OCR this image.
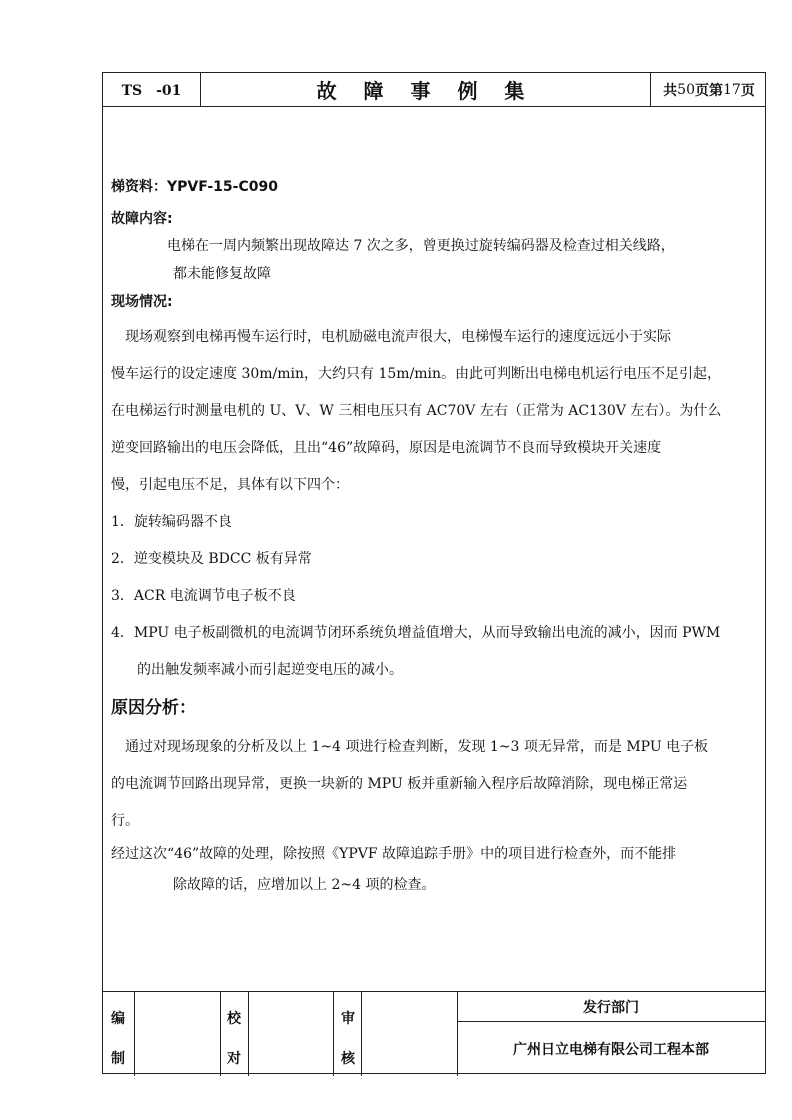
TS　-01	故 障 事 例 集	共 50 页第 17 页
梯资料：YPVF-15-C090
故障内容:
电梯在一周内频繁出现故障达 7 次之多，曾更换过旋转编码器及检查过相关线路，
都未能修复故障
现场情况:
现场观察到电梯再慢车运行时，电机励磁电流声很大，电梯慢车运行的速度远远小于实际
慢车运行的设定速度 30m/min，大约只有 15m/min。由此可判断出电梯电机运行电压不足引起，
在电梯运行时测量电机的 U、V、W 三相电压只有 AC70V 左右（正常为 AC130V 左右）。为什么
逆变回路输出的电压会降低，且出“46”故障码，原因是电流调节不良而导致模块开关速度
慢，引起电压不足，具体有以下四个：
1．旋转编码器不良
2．逆变模块及 BDCC 板有异常
3．ACR 电流调节电子板不良
4．MPU 电子板副微机的电流调节闭环系统负增益值增大，从而导致输出电流的减小，因而 PWM
的出触发频率减小而引起逆变电压的减小。
原因分析：
通过对现场现象的分析及以上 1~4 项进行检查判断，发现 1~3 项无异常，而是 MPU 电子板
的电流调节回路出现异常，更换一块新的 MPU 板并重新输入程序后故障消除，现电梯正常运
行。
经过这次“46”故障的处理，除按照《YPVF 故障追踪手册》中的项目进行检查外，而不能排
除故障的话，应增加以上 2~4 项的检查。
编
制
校
对
审
核
发行部门
广州日立电梯有限公司工程本部
